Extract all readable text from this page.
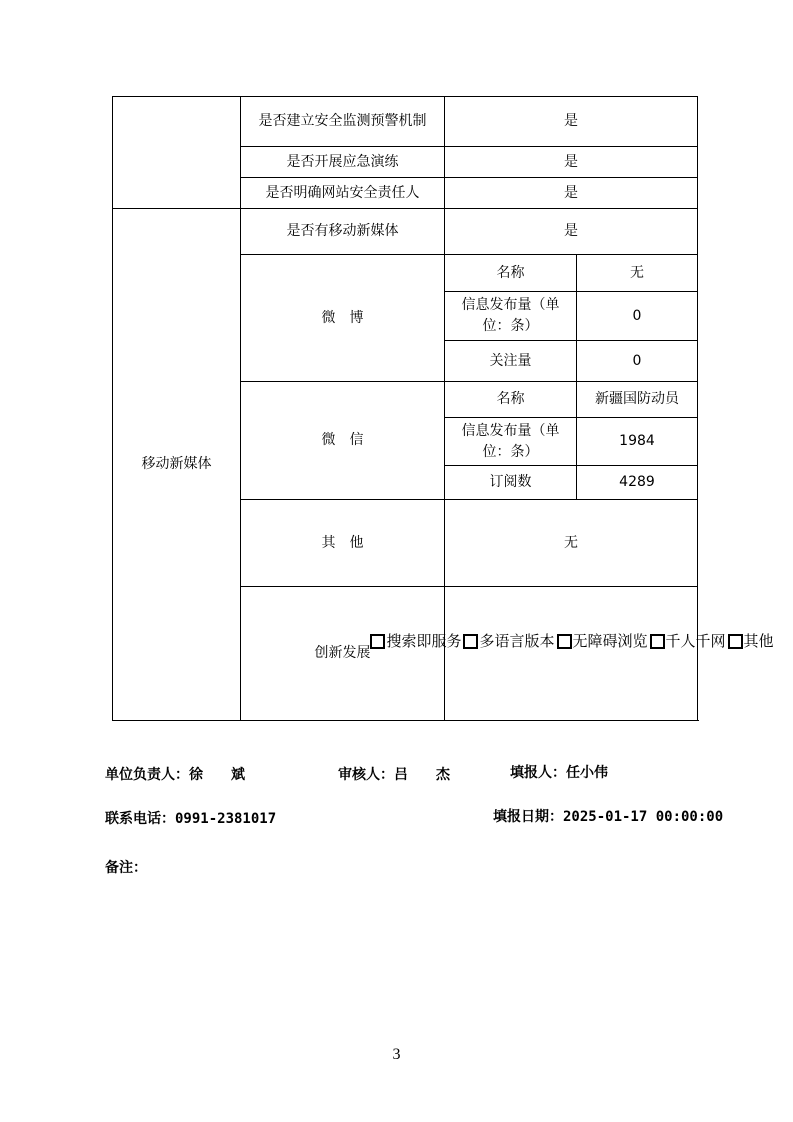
	是否建立安全监测预警机制	是	
	是否开展应急演练	是	
	是否明确网站安全责任人	是	
移动新媒体	是否有移动新媒体	是	
	微　博	名称	无
		信息发布量（单位：条）	0
		关注量	0
	微　信	名称	新疆国防动员
		信息发布量（单位：条）	1984
		订阅数	4289
	其　他	无	
	创新发展	搜索即服务 多语言版本 无障碍浏览 千人千网 其他	
单位负责人：徐　　斌	审核人：吕　　杰	填报人：任小伟
联系电话：0991-2381017	填报日期：2025-01-17 00:00:00
备注：
3
